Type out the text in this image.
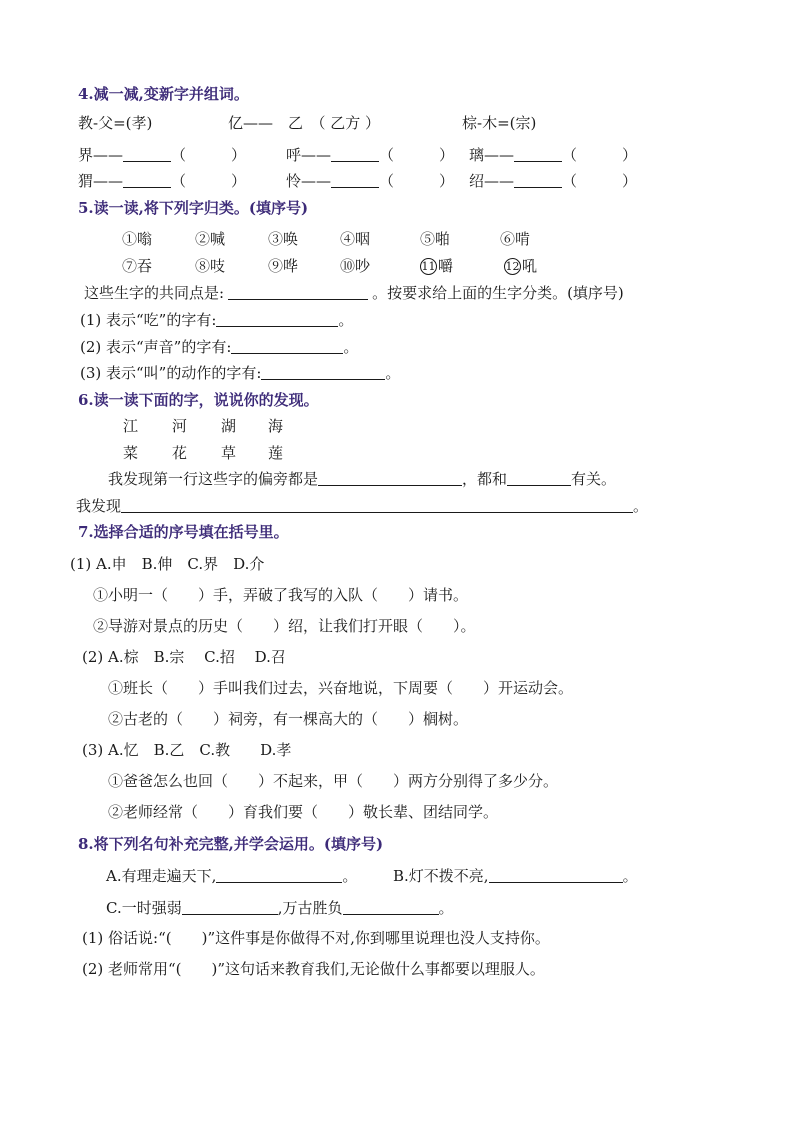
4.减一减,变新字并组词。
教-父=(孝)	亿——　乙　（ 乙方 ）	棕-木=(宗)
界——	（　　　）	呼——	（　　　） 璃——	（　　　）
猬——	（　　　）	怜——	（　　　） 绍——	（　　　）
5.读一读,将下列字归类。(填序号)
①嗡	②喊	③唤	④咽	⑤啪	⑥啃
⑦吞	⑧吱	⑨哗	⑩吵	11 嚼	12 吼
这些生字的共同点是:	。按要求给上面的生字分类。(填序号)
(1) 表示“吃”的字有:	。
(2) 表示“声音”的字有:	。
(3) 表示“叫”的动作的字有:	。
6.读一读下面的字，说说你的发现。
江 河 湖 海
菜 花 草 莲
我发现第一行这些字的偏旁都是	，都和	有关。
我发现	。
7.选择合适的序号填在括号里。
(1) A.申　B.伸　C.界　D.介
①小明一（　　）手，弄破了我写的入队（　　）请书。
②导游对景点的历史（　　）绍，让我们打开眼（　　）。
(2) A.棕　B.宗　 C.招　 D.召
①班长（　　）手叫我们过去，兴奋地说，下周要（　　）开运动会。
②古老的（　　）祠旁，有一棵高大的（　　）榈树。
(3) A.忆　B.乙　C.教　　D.孝
①爸爸怎么也回（　　）不起来，甲（　　）两方分别得了多少分。
②老师经常（　　）育我们要（　　）敬长辈、团结同学。
8.将下列名句补充完整,并学会运用。(填序号)
A.有理走遍天下,	。 B.灯不拨不亮,	。
C.一时强弱	,万古胜负	。
(1) 俗话说:“(　　)”这件事是你做得不对,你到哪里说理也没人支持你。
(2) 老师常用“(　　)”这句话来教育我们,无论做什么事都要以理服人。
